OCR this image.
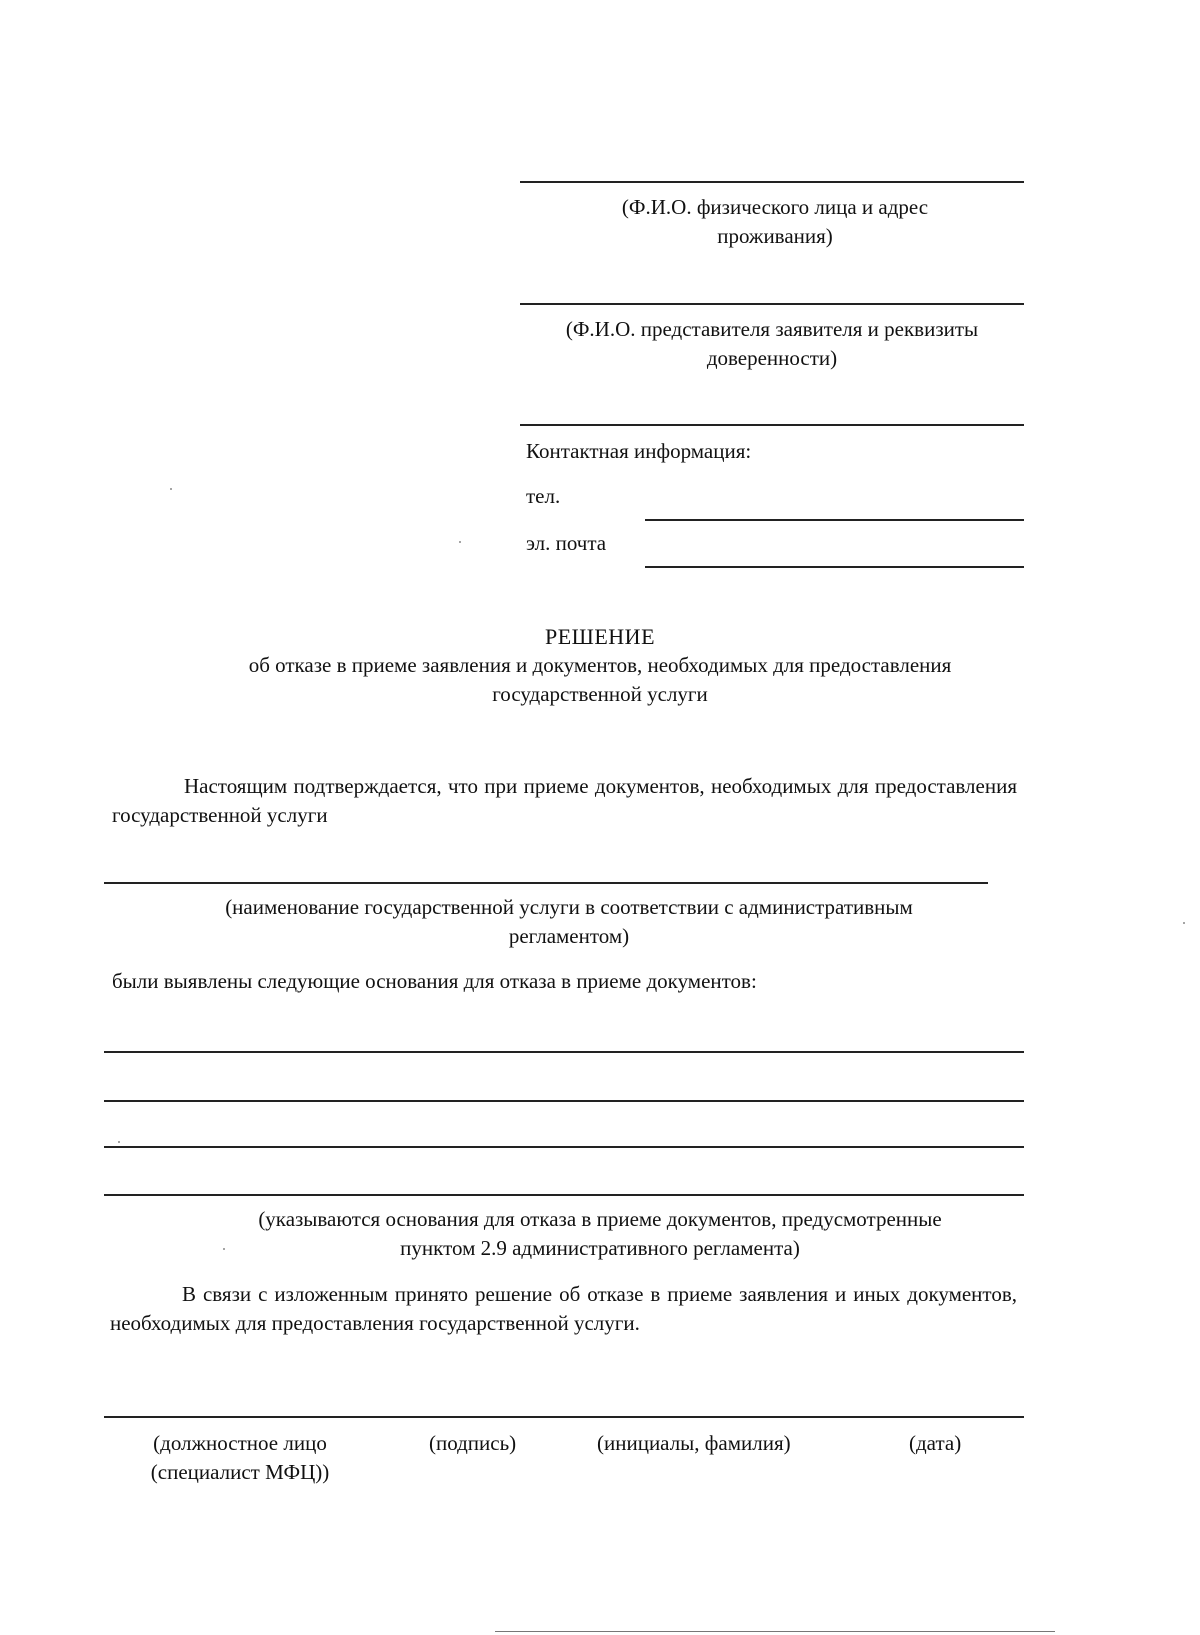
(Ф.И.О. физического лица и адрес
проживания)
(Ф.И.О. представителя заявителя и реквизиты
доверенности)
Контактная информация:
тел.
эл. почта
РЕШЕНИЕ
об отказе в приеме заявления и документов, необходимых для предоставления
государственной услуги
Настоящим подтверждается, что при приеме документов, необходимых для предоставления государственной услуги
(наименование государственной услуги в соответствии с административным
регламентом)
были выявлены следующие основания для отказа в приеме документов:
(указываются основания для отказа в приеме документов, предусмотренные
пунктом 2.9 административного регламента)
В связи с изложенным принято решение об отказе в приеме заявления и иных документов, необходимых для предоставления государственной услуги.
(должностное лицо
(специалист МФЦ))
(подпись)	(инициалы, фамилия)	(дата)
